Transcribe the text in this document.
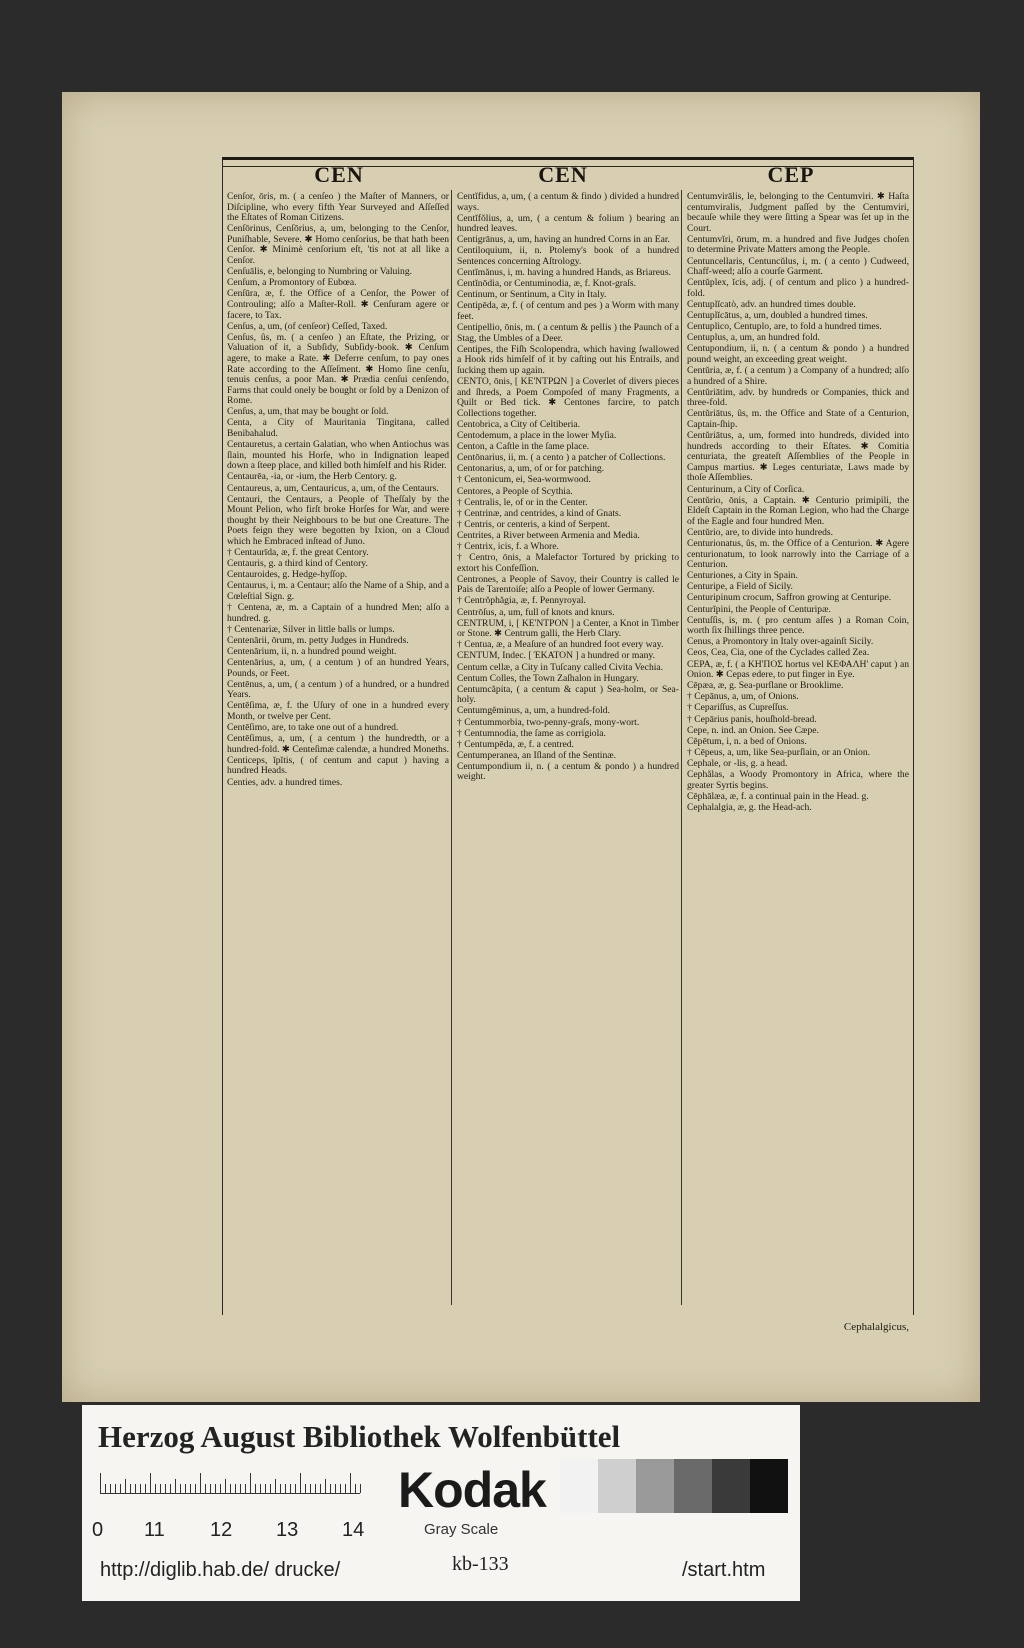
CEN	CEN	CEP

Cenſor, ōris, m. ( a cenſeo ) the Maſter of Manners, or Diſcipline, who every fifth Year Surveyed and Aſſeſſed the Eſtates of Roman Citizens.

Cenſōrinus, Cenſōrius, a, um, belonging to the Cenſor, Puniſhable, Severe. ✱ Homo cenſorius, be that hath been Cenſor. ✱ Minimè cenſorium eſt, 'tis not at all like a Cenſor.

Cenſuālis, e, belonging to Numbring or Valuing.

Cenſum, a Promontory of Eubœa.

Cenſūra, æ, f. the Office of a Cenſor, the Power of Controuling; alſo a Maſter-Roll. ✱ Cenſuram agere or facere, to Tax.

Cenſus, a, um, (of cenſeor) Ceſſed, Taxed.

Cenſus, ûs, m. ( a cenſeo ) an Eſtate, the Prizing, or Valuation of it, a Subſidy, Subſidy-book. ✱ Cenſum agere, to make a Rate. ✱ Deferre cenſum, to pay ones Rate according to the Aſſeſment. ✱ Homo ſine cenſu, tenuis cenſus, a poor Man. ✱ Prædia cenſui cenſendo, Farms that could onely be bought or ſold by a Denizon of Rome.

Cenſus, a, um, that may be bought or ſold.

Centa, a City of Mauritania Tingitana, called Benibahalud.

Centauretus, a certain Galatian, who when Antiochus was ſlain, mounted his Horſe, who in Indignation leaped down a ſteep place, and killed both himſelf and his Rider.

Centaurēa, -ia, or -ium, the Herb Centory. g.

Centaureus, a, um, Centauricus, a, um, of the Centaurs.

Centauri, the Centaurs, a People of Theſſaly by the Mount Pelion, who firſt broke Horſes for War, and were thought by their Neighbours to be but one Creature. The Poets feign they were begotten by Ixion, on a Cloud which he Embraced inſtead of Juno.

† Centaurīda, æ, f. the great Centory.

Centauris, g. a third kind of Centory.

Centauroides, g. Hedge-hyſſop.

Centaurus, i, m. a Centaur; alſo the Name of a Ship, and a Cœleſtial Sign. g.

† Centena, æ, m. a Captain of a hundred Men; alſo a hundred. g.

† Centenariæ, Silver in little balls or lumps.

Centenārii, ōrum, m. petty Judges in Hundreds.

Centenārium, ii, n. a hundred pound weight.

Centenārius, a, um, ( a centum ) of an hundred Years, Pounds, or Feet.

Centēnus, a, um, ( a centum ) of a hundred, or a hundred Years.

Centēſima, æ, f. the Uſury of one in a hundred every Month, or twelve per Cent.

Centēſimo, are, to take one out of a hundred.

Centēſimus, a, um, ( a centum ) the hundredth, or a hundred-fold. ✱ Centeſimæ calendæ, a hundred Moneths.

Centiceps, ĭpĭtis, ( of centum and caput ) having a hundred Heads.

Centies, adv. a hundred times.

Centĭfidus, a, um, ( a centum & findo ) divided a hundred ways.

Centĭfŏlius, a, um, ( a centum & folium ) bearing an hundred leaves.

Centigrānus, a, um, having an hundred Corns in an Ear.

Centiloquium, ii, n. Ptolemy's book of a hundred Sentences concerning Aſtrology.

Centĭmănus, i, m. having a hundred Hands, as Briareus.

Centĭnōdia, or Centuminodia, æ, f. Knot-graſs.

Centinum, or Sentinum, a City in Italy.

Centipēda, æ, f. ( of centum and pes ) a Worm with many feet.

Centipellio, ōnis, m. ( a centum & pellis ) the Paunch of a Stag, the Umbles of a Deer.

Centipes, the Fiſh Scolopendra, which having ſwallowed a Hook rids himſelf of it by caſting out his Entrails, and ſucking them up again.

CENTO, ōnis, [ ΚΕ'ΝΤΡΩΝ ] a Coverlet of divers pieces and ſhreds, a Poem Compoſed of many Fragments, a Quilt or Bed tick. ✱ Centones farcire, to patch Collections together.

Centobrica, a City of Celtiberia.

Centodemum, a place in the lower Myſia.

Centon, a Caſtle in the ſame place.

Centōnarius, ii, m. ( a cento ) a patcher of Collections.

Centonarius, a, um, of or for patching.

† Centonicum, ei, Sea-wormwood.

Centores, a People of Scythia.

† Centralis, le, of or in the Center.

† Centrinæ, and centrides, a kind of Gnats.

† Centris, or centeris, a kind of Serpent.

Centrites, a River between Armenia and Media.

† Centrix, icis, f. a Whore.

† Centro, ōnis, a Malefactor Tortured by pricking to extort his Confeſſion.

Centrones, a People of Savoy, their Country is called le Pais de Tarentoiſe; alſo a People of lower Germany.

† Centrŏphăgia, æ, f. Pennyroyal.

Centrōſus, a, um, full of knots and knurs.

CENTRUM, i, [ ΚΕ'ΝΤΡΟΝ ] a Center, a Knot in Timber or Stone. ✱ Centrum galli, the Herb Clary.

† Centua, æ, a Meaſure of an hundred foot every way.

CENTUM, Indec. [ ΈΚΑΤΟΝ ] a hundred or many.

Centum cellæ, a City in Tuſcany called Civita Vechia.

Centum Colles, the Town Zaſhalon in Hungary.

Centumcăpita, ( a centum & caput ) Sea-holm, or Sea-holy.

Centumgĕminus, a, um, a hundred-fold.

† Centummorbia, two-penny-graſs, mony-wort.

† Centumnodia, the ſame as corrigiola.

† Centumpēda, æ, f. a centred.

Centumperanea, an Iſland of the Sentinæ.

Centumpondium ii, n. ( a centum & pondo ) a hundred weight.

Centumvirālis, le, belonging to the Centumviri. ✱ Haſta centumviralis, Judgment paſſed by the Centumviri, becauſe while they were ſitting a Spear was ſet up in the Court.

Centumvĭri, ōrum, m. a hundred and five Judges choſen to determine Private Matters among the People.

Centuncellaris, Centuncŭlus, i, m. ( a cento ) Cudweed, Chaff-weed; alſo a courſe Garment.

Centŭplex, ĭcis, adj. ( of centum and plico ) a hundred-fold.

Centuplĭcatò, adv. an hundred times double.

Centuplĭcātus, a, um, doubled a hundred times.

Centuplico, Centuplo, are, to fold a hundred times.

Centuplus, a, um, an hundred fold.

Centupondium, ii, n. ( a centum & pondo ) a hundred pound weight, an exceeding great weight.

Centŭria, æ, f. ( a centum ) a Company of a hundred; alſo a hundred of a Shire.

Centŭriātim, adv. by hundreds or Companies, thick and three-fold.

Centŭriātus, ûs, m. the Office and State of a Centurion, Captain-ſhip.

Centŭriātus, a, um, formed into hundreds, divided into hundreds according to their Eſtates. ✱ Comitia centuriata, the greateſt Aſſemblies of the People in Campus martius. ✱ Leges centuriatæ, Laws made by thoſe Aſſemblies.

Centurinum, a City of Corſica.

Centŭrio, ōnis, a Captain. ✱ Centurio primipili, the Eldeſt Captain in the Roman Legion, who had the Charge of the Eagle and four hundred Men.

Centŭrio, are, to divide into hundreds.

Centurionatus, ûs, m. the Office of a Centurion. ✱ Agere centurionatum, to look narrowly into the Carriage of a Centurion.

Centuriones, a City in Spain.

Centuripe, a Field of Sicily.

Centuripinum crocum, Saffron growing at Centuripe.

Centurĭpini, the People of Centuripæ.

Centuſſis, is, m. ( pro centum aſſes ) a Roman Coin, worth ſix ſhillings three pence.

Cenus, a Promontory in Italy over-againſt Sicily.

Ceos, Cea, Cia, one of the Cyclades called Zea.

CEPA, æ, f. ( a ΚΗ'ΠΟΣ hortus vel ΚΕΦΑΛΗ' caput ) an Onion. ✱ Cepas edere, to put finger in Eye.

Cēpæa, æ, g. Sea-purſlane or Brooklime.

† Cepānus, a, um, of Onions.

† Cepariſſus, as Cupreſſus.

† Cepārius panis, houſhold-bread.

Cepe, n. ind. an Onion. See Cæpe.

Cēpētum, i, n. a bed of Onions.

† Cēpeus, a, um, like Sea-purſlain, or an Onion.

Cephale, or -lis, g. a head.

Cephălas, a Woody Promontory in Africa, where the greater Syrtis begins.

Cēphālæa, æ, f. a continual pain in the Head. g.

Cephalalgia, æ, g. the Head-ach.

Cephalalgicus,
Herzog August Bibliothek Wolfenbüttel
0 11 12 13 14
Kodak
Gray Scale
http://diglib.hab.de/ drucke/	kb-133	/start.htm
